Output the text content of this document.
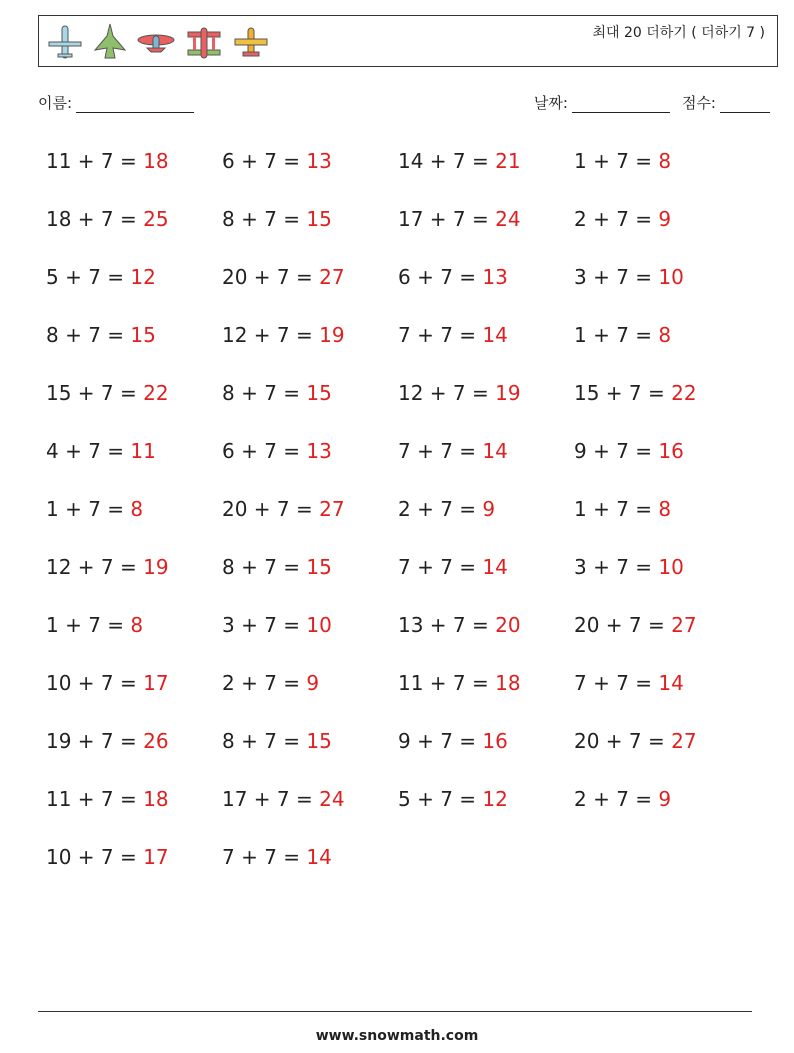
최대 20 더하기 ( 더하기 7 )
이름:	날짜:	점수:
11 + 7 = 18	6 + 7 = 13	14 + 7 = 21	1 + 7 = 8
18 + 7 = 25	8 + 7 = 15	17 + 7 = 24	2 + 7 = 9
5 + 7 = 12	20 + 7 = 27	6 + 7 = 13	3 + 7 = 10
8 + 7 = 15	12 + 7 = 19	7 + 7 = 14	1 + 7 = 8
15 + 7 = 22	8 + 7 = 15	12 + 7 = 19	15 + 7 = 22
4 + 7 = 11	6 + 7 = 13	7 + 7 = 14	9 + 7 = 16
1 + 7 = 8	20 + 7 = 27	2 + 7 = 9	1 + 7 = 8
12 + 7 = 19	8 + 7 = 15	7 + 7 = 14	3 + 7 = 10
1 + 7 = 8	3 + 7 = 10	13 + 7 = 20	20 + 7 = 27
10 + 7 = 17	2 + 7 = 9	11 + 7 = 18	7 + 7 = 14
19 + 7 = 26	8 + 7 = 15	9 + 7 = 16	20 + 7 = 27
11 + 7 = 18	17 + 7 = 24	5 + 7 = 12	2 + 7 = 9
10 + 7 = 17	7 + 7 = 14
www.snowmath.com
